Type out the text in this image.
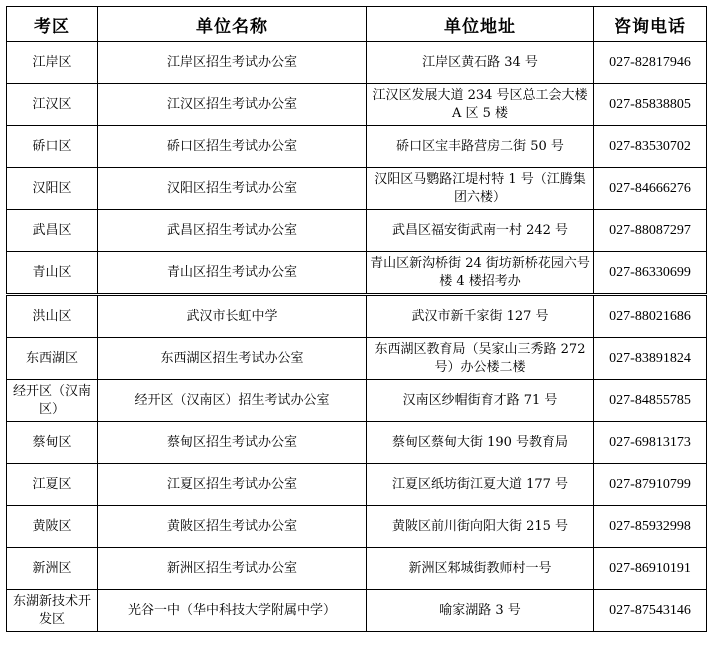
考区	单位名称	单位地址	咨询电话
江岸区	江岸区招生考试办公室	江岸区黄石路 34 号	027-82817946
江汉区	江汉区招生考试办公室	江汉区发展大道 234 号区总工会大楼 A 区 5 楼	027-85838805
硚口区	硚口区招生考试办公室	硚口区宝丰路营房二街 50 号	027-83530702
汉阳区	汉阳区招生考试办公室	汉阳区马鹦路江堤村特 1 号（江腾集团六楼）	027-84666276
武昌区	武昌区招生考试办公室	武昌区福安街武南一村 242 号	027-88087297
青山区	青山区招生考试办公室	青山区新沟桥街 24 街坊新桥花园六号楼 4 楼招考办	027-86330699
洪山区	武汉市长虹中学	武汉市新千家街 127 号	027-88021686
东西湖区	东西湖区招生考试办公室	东西湖区教育局（吴家山三秀路 272 号）办公楼二楼	027-83891824
经开区（汉南区）	经开区（汉南区）招生考试办公室	汉南区纱帽街育才路 71 号	027-84855785
蔡甸区	蔡甸区招生考试办公室	蔡甸区蔡甸大街 190 号教育局	027-69813173
江夏区	江夏区招生考试办公室	江夏区纸坊街江夏大道 177 号	027-87910799
黄陂区	黄陂区招生考试办公室	黄陂区前川街向阳大街 215 号	027-85932998
新洲区	新洲区招生考试办公室	新洲区邾城街教师村一号	027-86910191
东湖新技术开发区	光谷一中（华中科技大学附属中学）	喻家湖路 3 号	027-87543146
